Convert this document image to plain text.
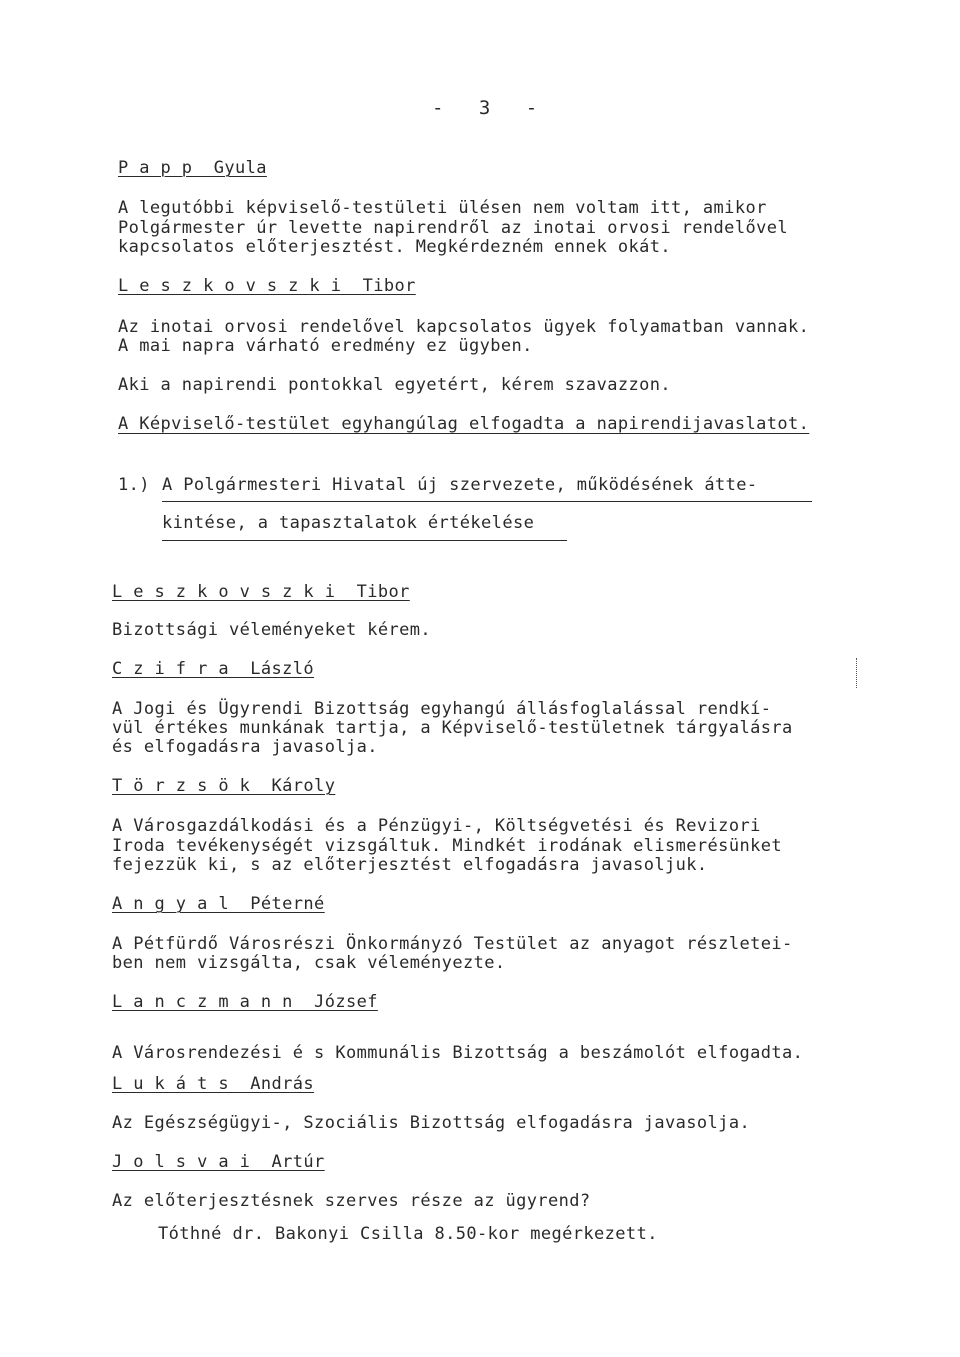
- 3 -
P a p p  Gyula
A legutóbbi képviselő-testületi ülésen nem voltam itt, amikor
Polgármester úr levette napirendről az inotai orvosi rendelővel
kapcsolatos előterjesztést. Megkérdezném ennek okát.
L e s z k o v s z k i  Tibor
Az inotai orvosi rendelővel kapcsolatos ügyek folyamatban vannak.
A mai napra várható eredmény ez ügyben.
Aki a napirendi pontokkal egyetért, kérem szavazzon.
A Képviselő-testület egyhangúlag elfogadta a napirendijavaslatot.
1.) A Polgármesteri Hivatal új szervezete, működésének átte-
kintése, a tapasztalatok értékelése
L e s z k o v s z k i  Tibor
Bizottsági véleményeket kérem.
C z i f r a  László
A Jogi és Ügyrendi Bizottság egyhangú állásfoglalással rendkí-
vül értékes munkának tartja, a Képviselő-testületnek tárgyalásra
és elfogadásra javasolja.
T ö r z s ö k  Károly
A Városgazdálkodási és a Pénzügyi-, Költségvetési és Revizori
Iroda tevékenységét vizsgáltuk. Mindkét irodának elismerésünket
fejezzük ki, s az előterjesztést elfogadásra javasoljuk.
A n g y a l  Péterné
A Pétfürdő Városrészi Önkormányzó Testület az anyagot részletei-
ben nem vizsgálta, csak véleményezte.
L a n c z m a n n  József
A Városrendezési é s Kommunális Bizottság a beszámolót elfogadta.
L u k á t s  András
Az Egészségügyi-, Szociális Bizottság elfogadásra javasolja.
J o l s v a i  Artúr
Az előterjesztésnek szerves része az ügyrend?
Tóthné dr. Bakonyi Csilla 8.50-kor megérkezett.
